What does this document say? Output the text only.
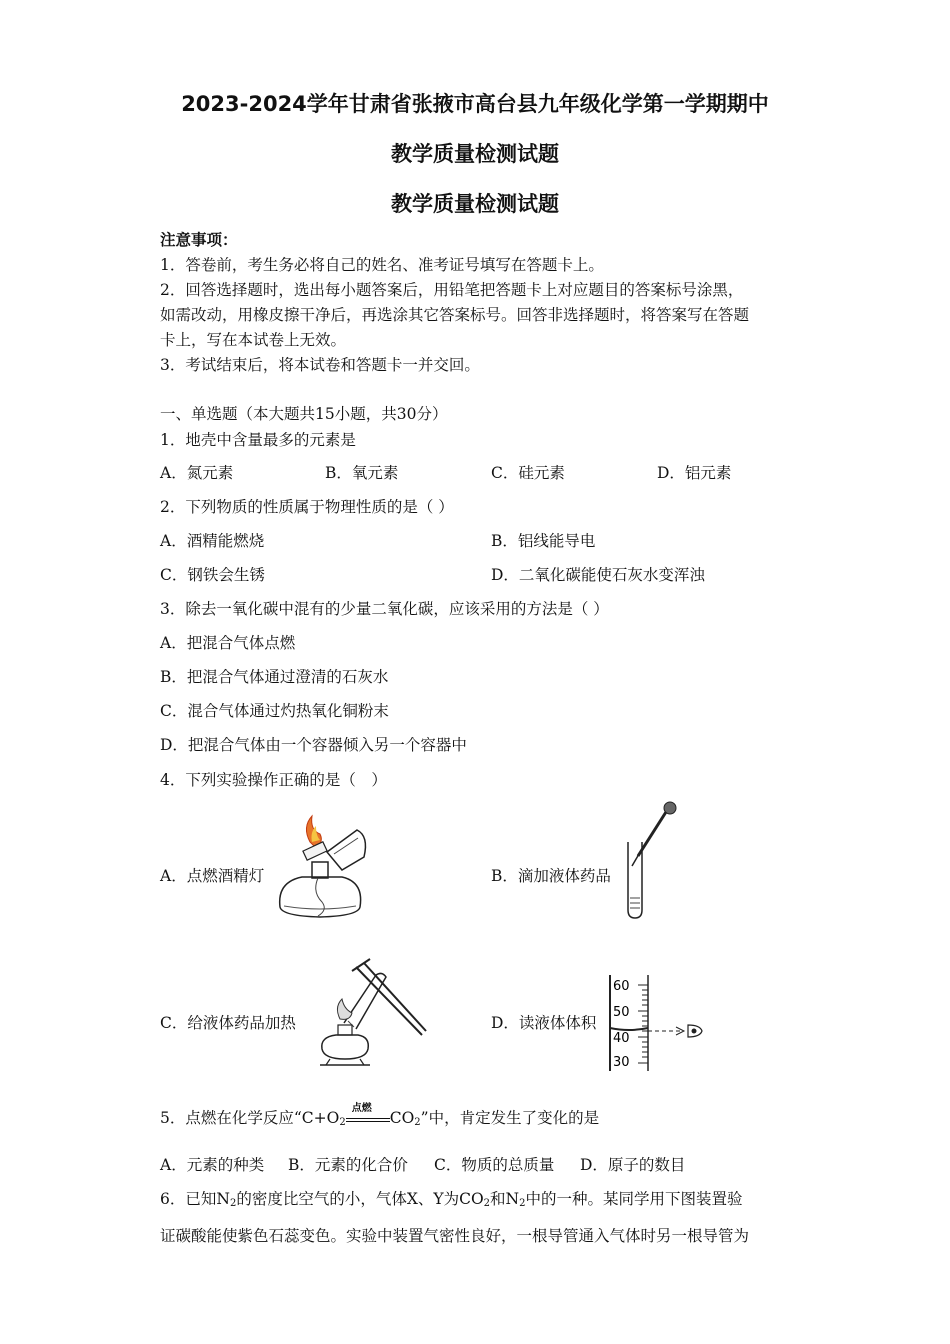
2023-2024学年甘肃省张掖市高台县九年级化学第一学期期中
教学质量检测试题
教学质量检测试题
注意事项：
1．答卷前，考生务必将自己的姓名、准考证号填写在答题卡上。
2．回答选择题时，选出每小题答案后，用铅笔把答题卡上对应题目的答案标号涂黑，
如需改动，用橡皮擦干净后，再选涂其它答案标号。回答非选择题时，将答案写在答题
卡上，写在本试卷上无效。
3．考试结束后，将本试卷和答题卡一并交回。
一、单选题（本大题共15小题，共30分）
1．地壳中含量最多的元素是
A．氮元素	B．氧元素	C．硅元素	D．铝元素
2．下列物质的性质属于物理性质的是（ ）
A．酒精能燃烧	B．铝线能导电
C．钢铁会生锈	D．二氧化碳能使石灰水变浑浊
3．除去一氧化碳中混有的少量二氧化碳，应该采用的方法是（ ）
A．把混合气体点燃
B．把混合气体通过澄清的石灰水
C．混合气体通过灼热氧化铜粉末
D．把混合气体由一个容器倾入另一个容器中
4．下列实验操作正确的是（　）
A．点燃酒精灯	B．滴加液体药品
C．给液体药品加热	D．读液体体积
60
50
40
30
5．点燃在化学反应“$C+O_2$
点燃
$CO_2$”中，肯定发生了变化的是
A．元素的种类 B．元素的化合价 C．物质的总质量 D．原子的数目
6．已知$N_2$的密度比空气的小，气体X、Y为$CO_2$和$N_2$中的一种。某同学用下图装置验
证碳酸能使紫色石蕊变色。实验中装置气密性良好，一根导管通入气体时另一根导管为
